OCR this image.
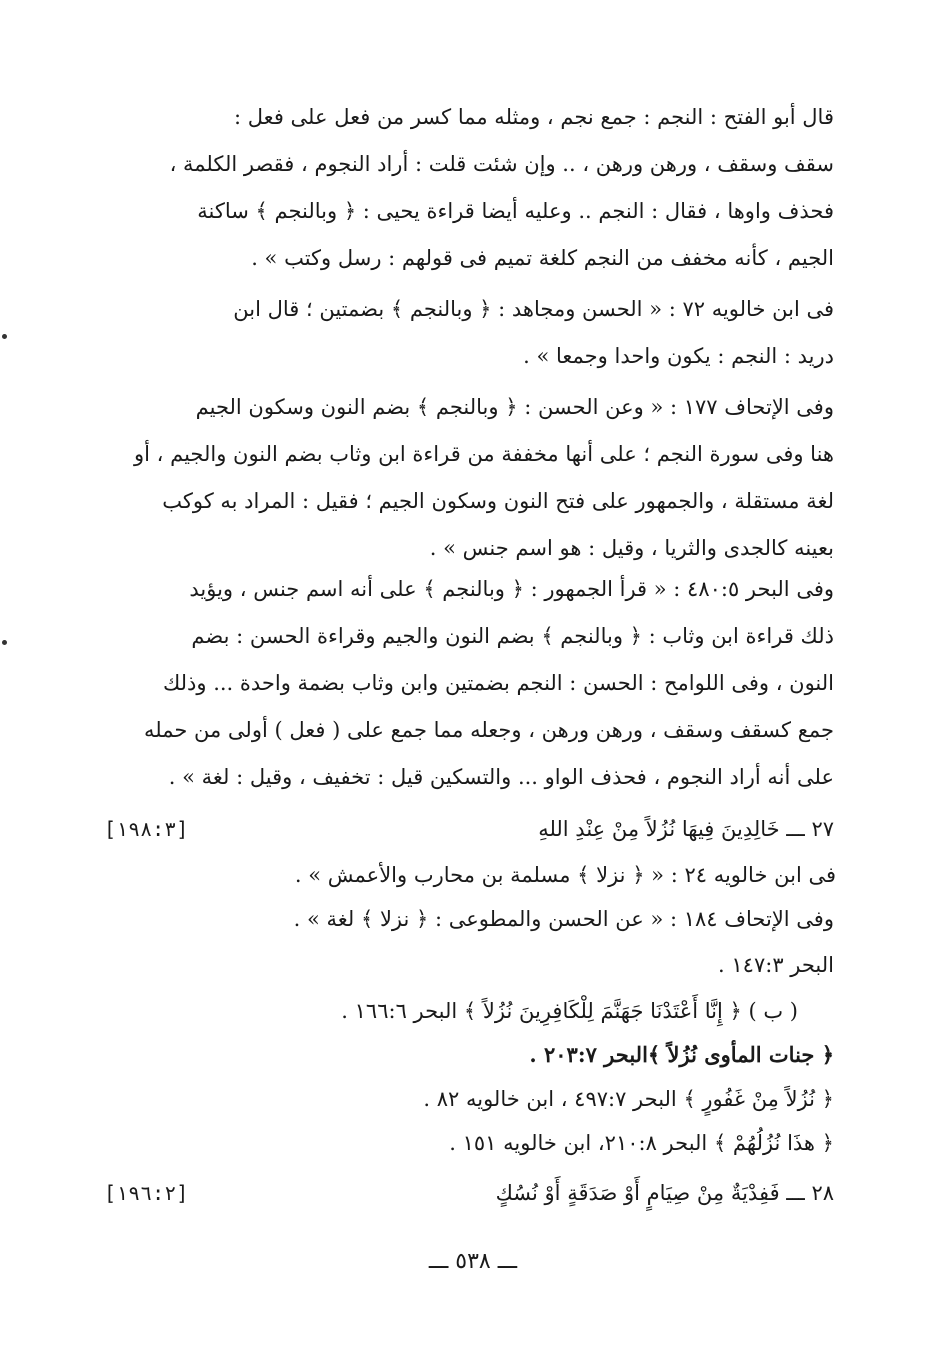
قال أبو الفتح : النجم : جمع نجم ، ومثله مما كسر من فعل على فعل :
سقف وسقف ، ورهن ورهن ، .. وإن شئت قلت : أراد النجوم ، فقصر الكلمة ،
فحذف واوها ، فقال : النجم .. وعليه أيضا قراءة يحيى : ﴿ وبالنجم ﴾ ساكنة
الجيم ، كأنه مخفف من النجم كلغة تميم فى قولهم : رسل وكتب » .
فى ابن خالويه ٧٢ : « الحسن ومجاهد : ﴿ وبالنجم ﴾ بضمتين ؛ قال ابن
دريد : النجم : يكون واحدا وجمعا » .
وفى الإتحاف ١٧٧ : « وعن الحسن : ﴿ وبالنجم ﴾ بضم النون وسكون الجيم
هنا وفى سورة النجم ؛ على أنها مخففة من قراءة ابن وثاب بضم النون والجيم ، أو
لغة مستقلة ، والجمهور على فتح النون وسكون الجيم ؛ فقيل : المراد به كوكب
بعينه كالجدى والثريا ، وقيل : هو اسم جنس » .
وفى البحر ٤٨٠:٥ : « قرأ الجمهور : ﴿ وبالنجم ﴾ على أنه اسم جنس ، ويؤيد
ذلك قراءة ابن وثاب : ﴿ وبالنجم ﴾ بضم النون والجيم وقراءة الحسن : بضم
النون ، وفى اللوامح : الحسن : النجم بضمتين وابن وثاب بضمة واحدة ... وذلك
جمع كسقف وسقف ، ورهن ورهن ، وجعله مما جمع على ( فعل ) أولى من حمله
على أنه أراد النجوم ، فحذف الواو ... والتسكين قيل : تخفيف ، وقيل : لغة » .
٢٧ ـــ خَالِدِينَ فِيهَا نُزُلاً مِنْ عِنْدِ اللهِ
[١٩٨:٣]
فى ابن خالويه ٢٤ : « ﴿ نزلا ﴾ مسلمة بن محارب والأعمش » .
وفى الإتحاف ١٨٤ : « عن الحسن والمطوعى : ﴿ نزلا ﴾ لغة » .
البحر ١٤٧:٣ .
( ب ) ﴿ إِنَّا أَعْتَدْنَا جَهَنَّمَ لِلْكَافِرِينَ نُزُلاً ﴾ البحر ١٦٦:٦ .
﴿ جنات المأوى نُزُلاً ﴾البحر ٢٠٣:٧ .
﴿ نُزُلاً مِنْ غَفُورٍ ﴾ البحر ٤٩٧:٧ ، ابن خالويه ٨٢ .
﴿ هذَا نُزُلُهُمْ ﴾ البحر ٢١٠:٨، ابن خالويه ١٥١ .
٢٨ ـــ فَفِدْيَةٌ مِنْ صِيَامٍ أَوْ صَدَقَةٍ أَوْ نُسُكٍ
[١٩٦:٢]
ـــ ٥٣٨ ـــ
